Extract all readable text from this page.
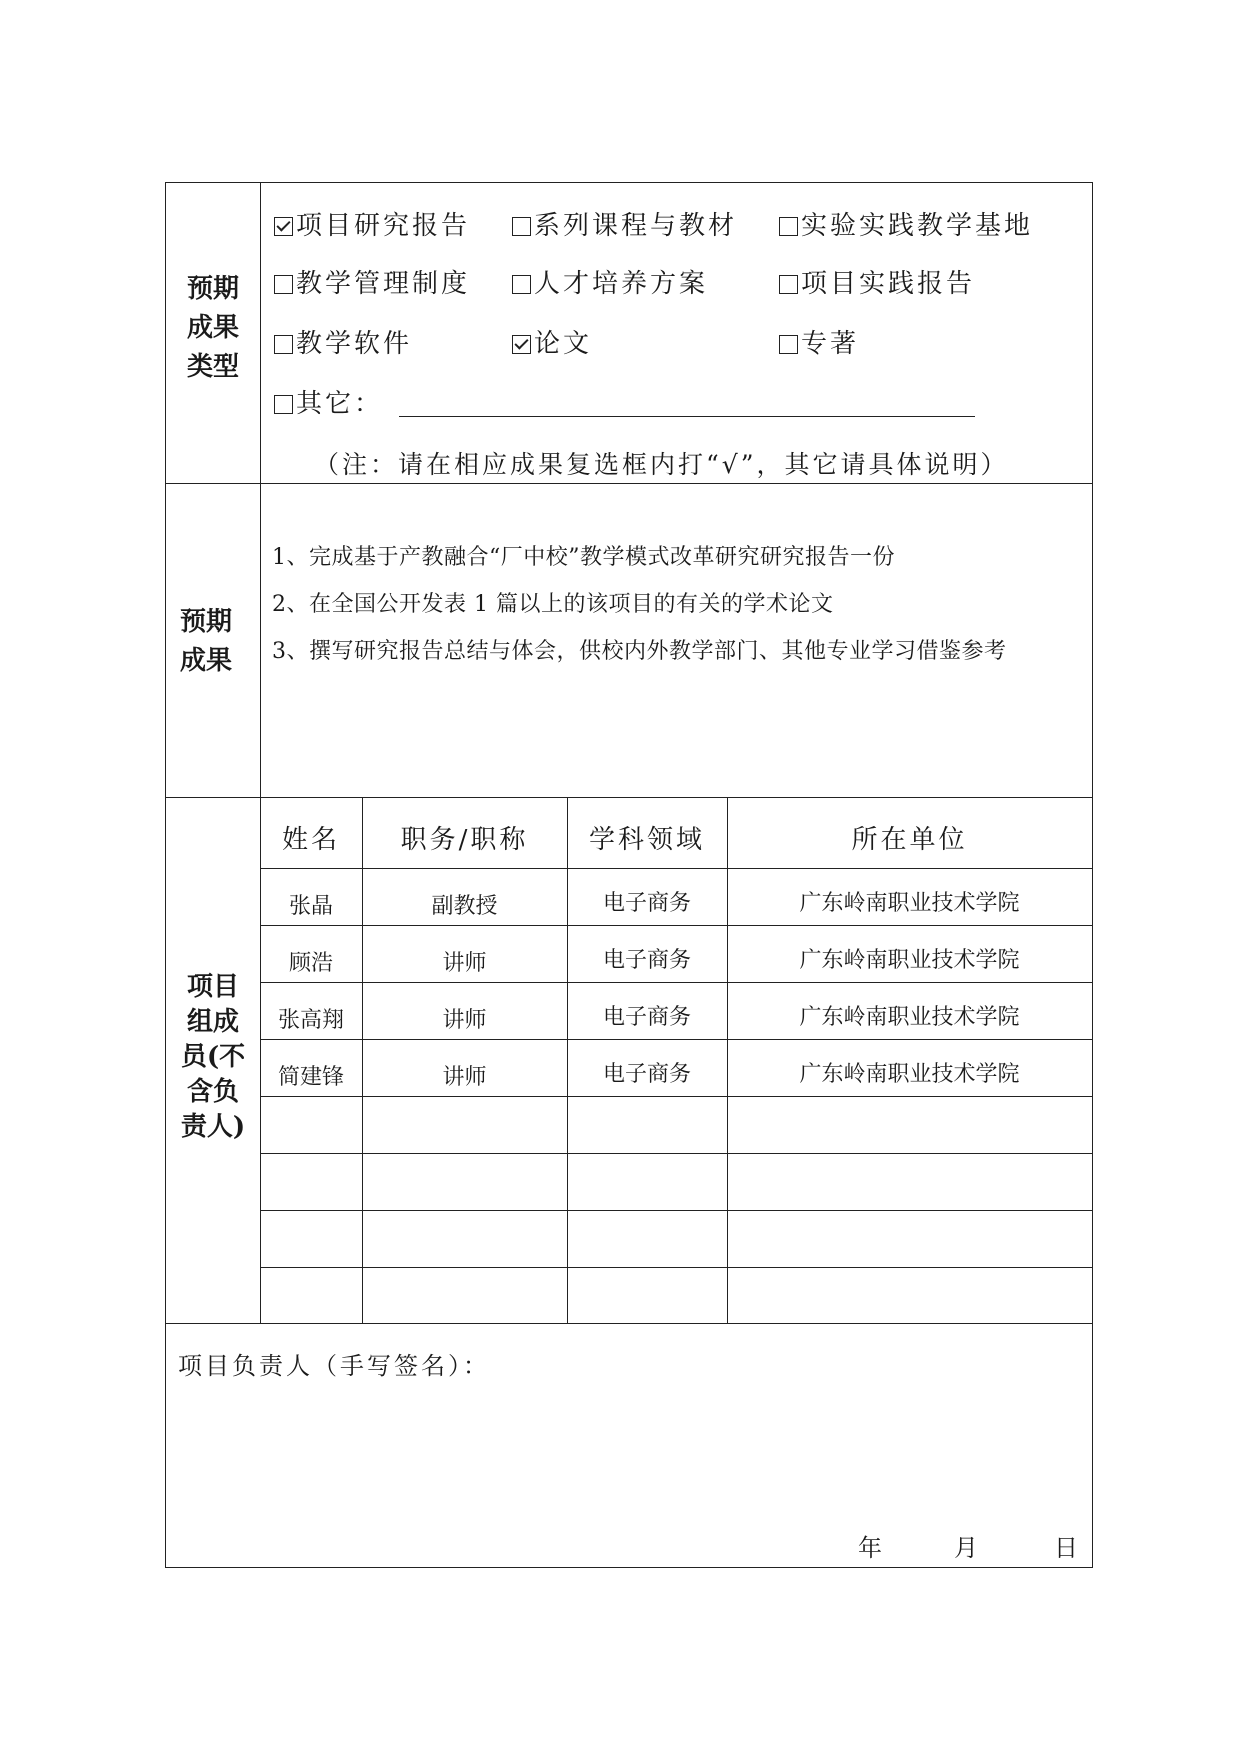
预期
成果
类型
项目研究报告	系列课程与教材	实验实践教学基地
教学管理制度	人才培养方案	项目实践报告
教学软件	论文	专著
其它：
（注：请在相应成果复选框内打“√”，其它请具体说明）
预期
成果
1、完成基于产教融合“厂中校”教学模式改革研究研究报告一份
2、在全国公开发表 1 篇以上的该项目的有关的学术论文
3、撰写研究报告总结与体会，供校内外教学部门、其他专业学习借鉴参考
项目
组成
员(不
含负
责人)
姓名	职务/职称	学科领域	所在单位
张晶	副教授	电子商务	广东岭南职业技术学院
顾浩	讲师	电子商务	广东岭南职业技术学院
张高翔	讲师	电子商务	广东岭南职业技术学院
简建锋	讲师	电子商务	广东岭南职业技术学院
项目负责人（手写签名）：
年	月	日
